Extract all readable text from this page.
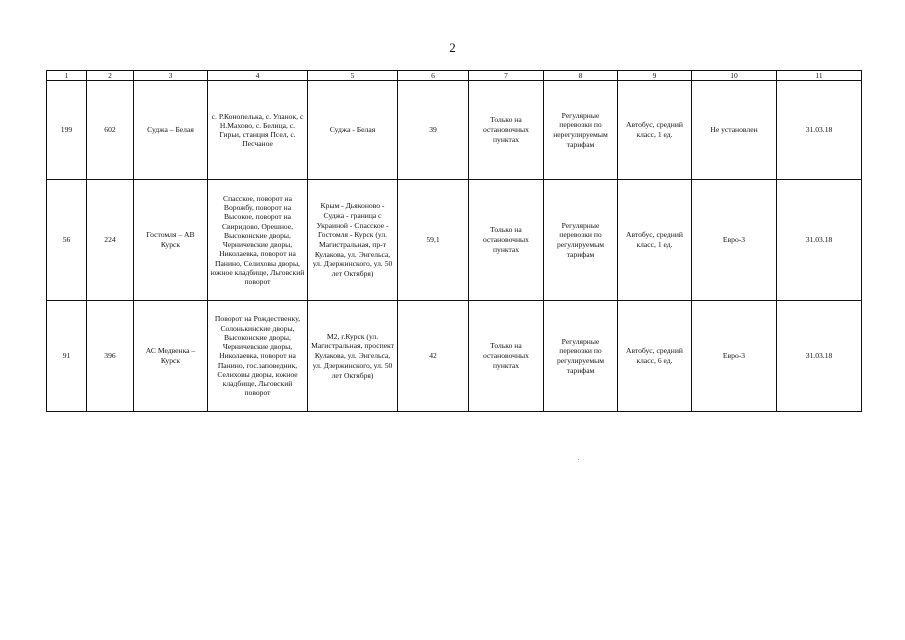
2
1	2	3	4	5	6	7	8	9	10	11
199	602	Суджа – Белая	с. Р.Конопелька, с. Уланок, с Н.Махово, с. Белица, с. Гирьи, станция Псел, с. Песчаное	Суджа - Белая	39	Только на остановочных пунктах	Регулярные перевозки по нерегулируемым тарифам	Автобус, средний класс, 1 ед.	Не установлен	31.03.18
56	224	Гостомля – АВ Курск	Спасское, поворот на Ворожбу, поворот на Высокое, поворот на Свиридово, Орешное, Высоконские дворы, Черничевские дворы, Николаевка, поворот на Панино, Селиховы дворы, южное кладбище, Льговский поворот	Крым - Дьяконово - Суджа - граница с Украиной - Спасское - Гостомля - Курск (ул. Магистральная, пр-т Кулакова, ул. Энгельса, ул. Дзержинского, ул. 50 лет Октября)	59,1	Только на остановочных пунктах	Регулярные перевозки по регулируемым тарифам	Автобус, средний класс, 1 ед.	Евро-3	31.03.18
91	396	АС Медвенка – Курск	Поворот на Рождественку, Солонькинские дворы, Высоконские дворы, Черничевские дворы, Николаевка, поворот на Панино, гос.заповедник, Селиховы дворы, южное кладбище, Льговский поворот	М2, г.Курск (ул. Магистральная, проспект Кулакова, ул. Энгельса, ул. Дзержинского, ул. 50 лет Октября)	42	Только на остановочных пунктах	Регулярные перевозки по регулируемым тарифам	Автобус, средний класс, 6 ед.	Евро-3	31.03.18
